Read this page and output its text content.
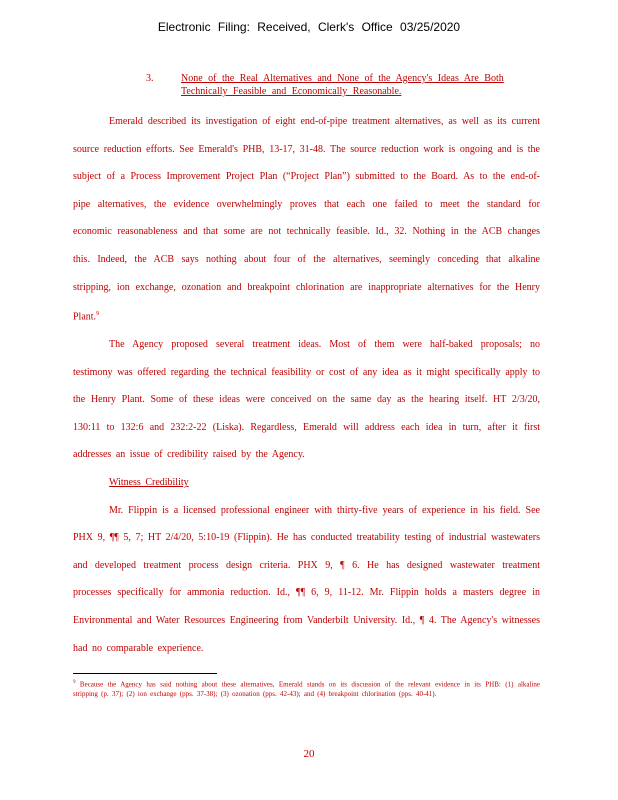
Electronic Filing: Received, Clerk's Office 03/25/2020
3.	None of the Real Alternatives and None of the Agency's Ideas Are Both Technically Feasible and Economically Reasonable.

Emerald described its investigation of eight end-of-pipe treatment alternatives, as well as its current source reduction efforts. See Emerald's PHB, 13-17, 31-48. The source reduction work is ongoing and is the subject of a Process Improvement Project Plan (“Project Plan”) submitted to the Board. As to the end-of-pipe alternatives, the evidence overwhelmingly proves that each one failed to meet the standard for economic reasonableness and that some are not technically feasible. Id., 32. Nothing in the ACB changes this. Indeed, the ACB says nothing about four of the alternatives, seemingly conceding that alkaline stripping, ion exchange, ozonation and breakpoint chlorination are inappropriate alternatives for the Henry Plant.$^9$

The Agency proposed several treatment ideas. Most of them were half-baked proposals; no testimony was offered regarding the technical feasibility or cost of any idea as it might specifically apply to the Henry Plant. Some of these ideas were conceived on the same day as the hearing itself. HT 2/3/20, 130:11 to 132:6 and 232:2-22 (Liska). Regardless, Emerald will address each idea in turn, after it first addresses an issue of credibility raised by the Agency.

Witness Credibility

Mr. Flippin is a licensed professional engineer with thirty-five years of experience in his field. See PHX 9, ¶¶ 5, 7; HT 2/4/20, 5:10-19 (Flippin). He has conducted treatability testing of industrial wastewaters and developed treatment process design criteria. PHX 9, ¶ 6. He has designed wastewater treatment processes specifically for ammonia reduction. Id., ¶¶ 6, 9, 11-12. Mr. Flippin holds a masters degree in Environmental and Water Resources Engineering from Vanderbilt University. Id., ¶ 4. The Agency's witnesses had no comparable experience.

$^9$ Because the Agency has said nothing about these alternatives, Emerald stands on its discussion of the relevant evidence in its PHB: (1) alkaline stripping (p. 37); (2) ion exchange (pps. 37-38); (3) ozonation (pps. 42-43); and (4) breakpoint chlorination (pps. 40-41).
20
